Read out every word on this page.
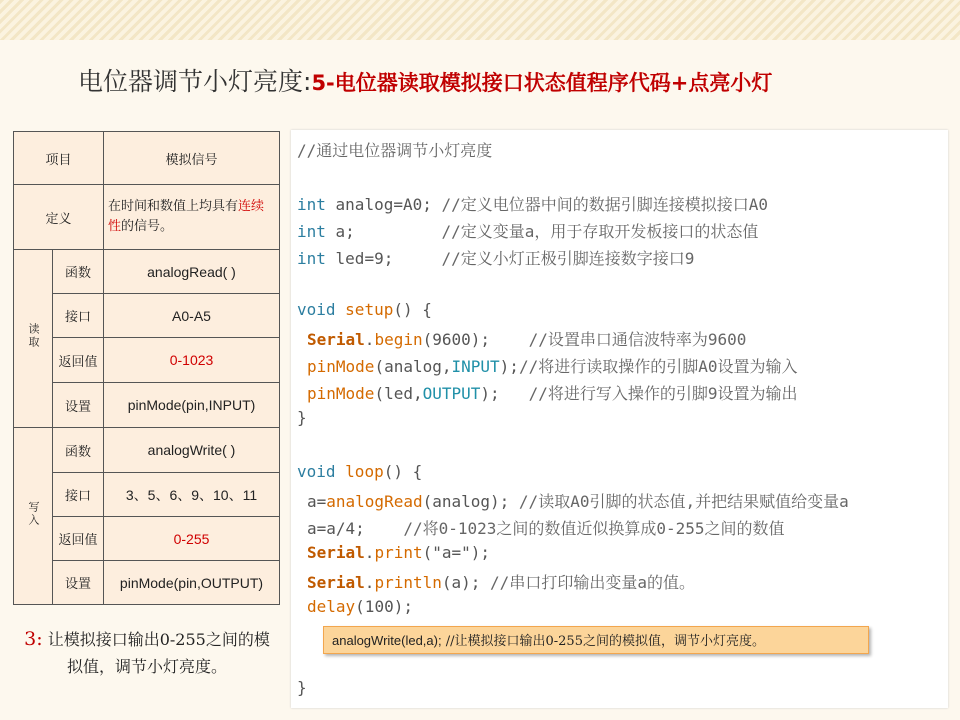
电位器调节小灯亮度:5-电位器读取模拟接口状态值程序代码+点亮小灯
项目		模拟信号
定义		在时间和数值上均具有连续性的信号。
读取	函数	analogRead( )
	接口	A0-A5
	返回值	0-1023
	设置	pinMode(pin,INPUT)
写入	函数	analogWrite( )
	接口	3、5、6、9、10、11
	返回值	0-255
	设置	pinMode(pin,OUTPUT)
3: 让模拟接口输出0-255之间的模拟值，调节小灯亮度。
//通过电位器调节小灯亮度
int analog=A0; //定义电位器中间的数据引脚连接模拟接口A0
int a;         //定义变量a，用于存取开发板接口的状态值
int led=9;     //定义小灯正极引脚连接数字接口9
void setup() {
Serial.begin(9600);    //设置串口通信波特率为9600
pinMode(analog,INPUT);//将进行读取操作的引脚A0设置为输入
pinMode(led,OUTPUT);   //将进行写入操作的引脚9设置为输出
}
void loop() {
a=analogRead(analog); //读取A0引脚的状态值,并把结果赋值给变量a
a=a/4;    //将0-1023之间的数值近似换算成0-255之间的数值
Serial.print("a=");
Serial.println(a); //串口打印输出变量a的值。
delay(100);
}
analogWrite(led,a); //让模拟接口输出0-255之间的模拟值，调节小灯亮度。
